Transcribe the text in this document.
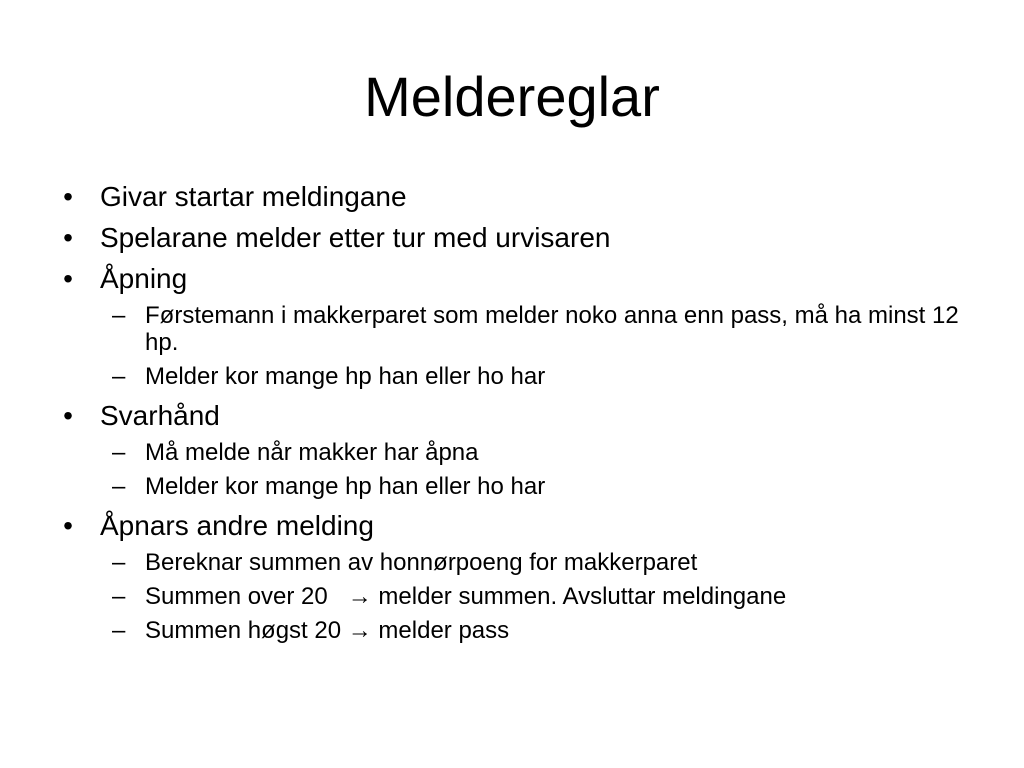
Meldereglar
• Givar startar meldingane
• Spelarane melder etter tur med urvisaren
• Åpning
– Førstemann i makkerparet som melder noko anna enn pass, må ha minst 12 hp.
– Melder kor mange hp han eller ho har
• Svarhånd
– Må melde når makker har åpna
– Melder kor mange hp han eller ho har
• Åpnars andre melding
– Bereknar summen av honnørpoeng for makkerparet
– Summen over 20   → melder summen. Avsluttar meldingane
– Summen høgst 20 → melder pass
